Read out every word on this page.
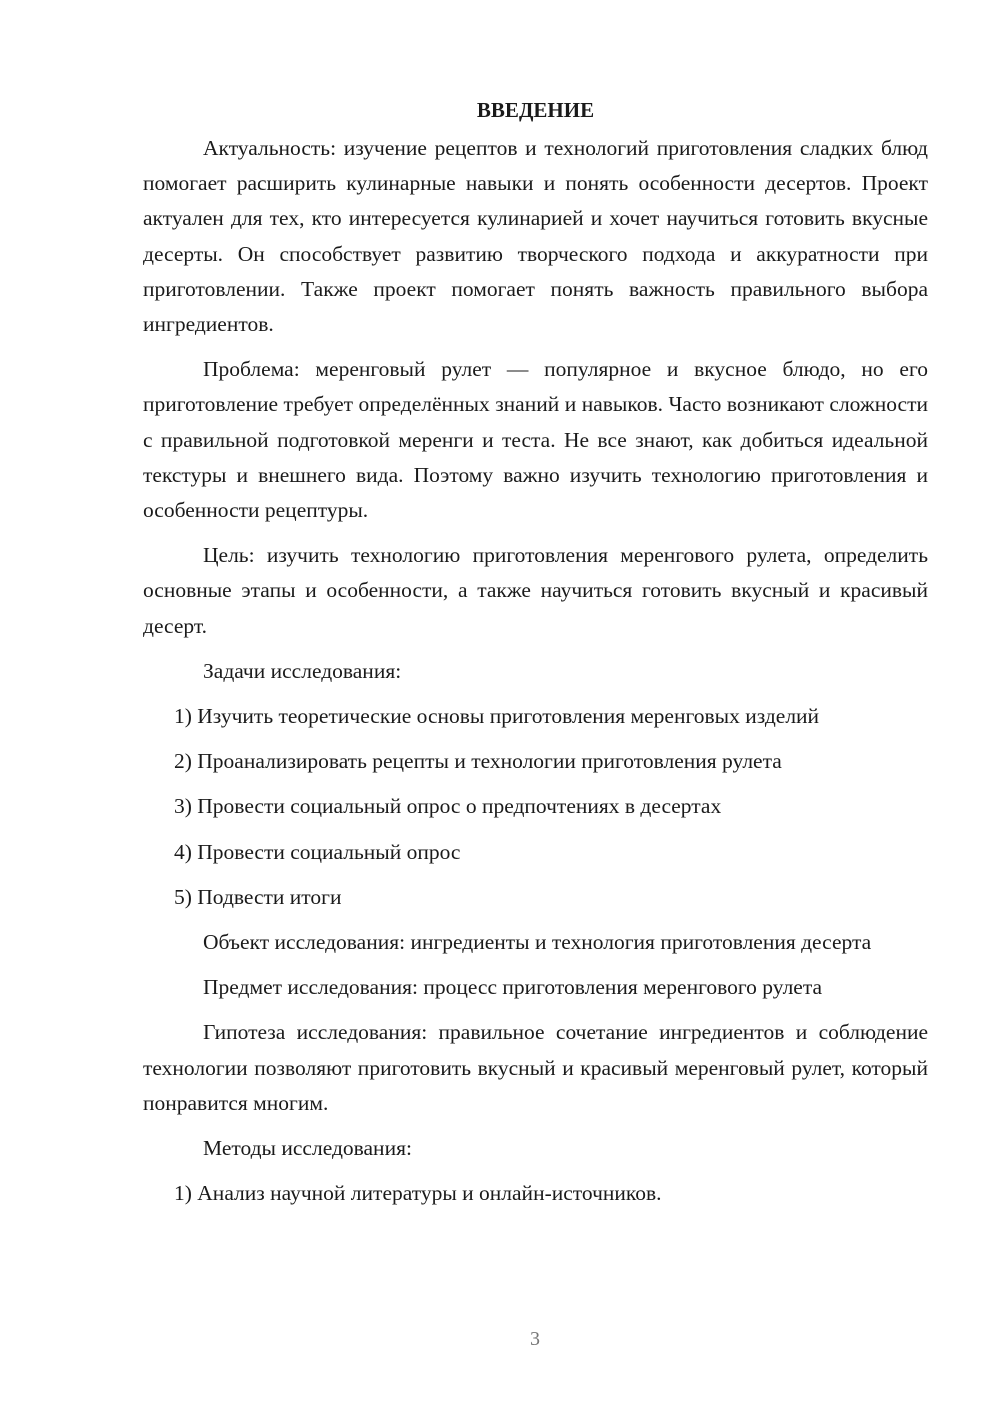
ВВЕДЕНИЕ

Актуальность: изучение рецептов и технологий приготовления сладких блюд помогает расширить кулинарные навыки и понять особенности десертов. Проект актуален для тех, кто интересуется кулинарией и хочет научиться готовить вкусные десерты. Он способствует развитию творческого подхода и аккуратности при приготовлении. Также проект помогает понять важность правильного выбора ингредиентов.

Проблема: меренговый рулет — популярное и вкусное блюдо, но его приготовление требует определённых знаний и навыков. Часто возникают сложности с правильной подготовкой меренги и теста. Не все знают, как добиться идеальной текстуры и внешнего вида. Поэтому важно изучить технологию приготовления и особенности рецептуры.

Цель: изучить технологию приготовления меренгового рулета, определить основные этапы и особенности, а также научиться готовить вкусный и красивый десерт.

Задачи исследования:

1) Изучить теоретические основы приготовления меренговых изделий

2) Проанализировать рецепты и технологии приготовления рулета

3) Провести социальный опрос о предпочтениях в десертах

4) Провести социальный опрос

5) Подвести итоги

Объект исследования: ингредиенты и технология приготовления десерта

Предмет исследования: процесс приготовления меренгового рулета

Гипотеза исследования: правильное сочетание ингредиентов и соблюдение технологии позволяют приготовить вкусный и красивый меренговый рулет, который понравится многим.

Методы исследования:

1) Анализ научной литературы и онлайн-источников.

3
